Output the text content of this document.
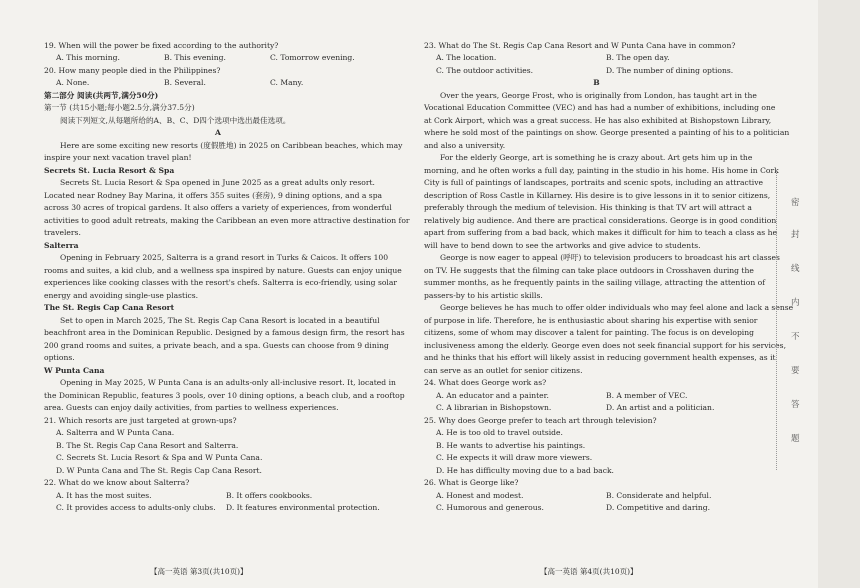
19. When will the power be fixed according to the authority?
A. This morning.	B. This evening.	C. Tomorrow evening.
20. How many people died in the Philippines?
A. None.	B. Several.	C. Many.
第二部分 阅读(共两节,满分50分)
第一节 (共15小题;每小题2.5分,满分37.5分)
阅读下列短文,从每题所给的A、B、C、D四个选项中选出最佳选项。
A
Here are some exciting new resorts (度假胜地) in 2025 on Caribbean beaches, which may
inspire your next vacation travel plan!
Secrets St. Lucia Resort & Spa
Secrets St. Lucia Resort & Spa opened in June 2025 as a great adults only resort.
Located near Rodney Bay Marina, it offers 355 suites (套房), 9 dining options, and a spa
across 30 acres of tropical gardens. It also offers a variety of experiences, from wonderful
activities to good adult retreats, making the Caribbean an even more attractive destination for
travelers.
Salterra
Opening in February 2025, Salterra is a grand resort in Turks & Caicos. It offers 100
rooms and suites, a kid club, and a wellness spa inspired by nature. Guests can enjoy unique
experiences like cooking classes with the resort's chefs. Salterra is eco-friendly, using solar
energy and avoiding single-use plastics.
The St. Regis Cap Cana Resort
Set to open in March 2025, The St. Regis Cap Cana Resort is located in a beautiful
beachfront area in the Dominican Republic. Designed by a famous design firm, the resort has
200 grand rooms and suites, a private beach, and a spa. Guests can choose from 9 dining
options.
W Punta Cana
Opening in May 2025, W Punta Cana is an adults-only all-inclusive resort. It, located in
the Dominican Republic, features 3 pools, over 10 dining options, a beach club, and a rooftop
area. Guests can enjoy daily activities, from parties to wellness experiences.
21. Which resorts are just targeted at grown-ups?
A. Salterra and W Punta Cana.
B. The St. Regis Cap Cana Resort and Salterra.
C. Secrets St. Lucia Resort & Spa and W Punta Cana.
D. W Punta Cana and The St. Regis Cap Cana Resort.
22. What do we know about Salterra?
A. It has the most suites.	B. It offers cookbooks.
C. It provides access to adults-only clubs. D. It features environmental protection.
【高一英语 第3页(共10页)】
23. What do The St. Regis Cap Cana Resort and W Punta Cana have in common?
A. The location.	B. The open day.
C. The outdoor activities.	D. The number of dining options.
B
Over the years, George Frost, who is originally from London, has taught art in the
Vocational Education Committee (VEC) and has had a number of exhibitions, including one
at Cork Airport, which was a great success. He has also exhibited at Bishopstown Library,
where he sold most of the paintings on show. George presented a painting of his to a politician
and also a university.
For the elderly George, art is something he is crazy about. Art gets him up in the
morning, and he often works a full day, painting in the studio in his home. His home in Cork
City is full of paintings of landscapes, portraits and scenic spots, including an attractive
description of Ross Castle in Killarney. His desire is to give lessons in it to senior citizens,
preferably through the medium of television. His thinking is that TV art will attract a
relatively big audience. And there are practical considerations. George is in good condition
apart from suffering from a bad back, which makes it difficult for him to teach a class as he
will have to bend down to see the artworks and give advice to students.
George is now eager to appeal (呼吁) to television producers to broadcast his art classes
on TV. He suggests that the filming can take place outdoors in Crosshaven during the
summer months, as he frequently paints in the sailing village, attracting the attention of
passers-by to his artistic skills.
George believes he has much to offer older individuals who may feel alone and lack a sense
of purpose in life. Therefore, he is enthusiastic about sharing his expertise with senior
citizens, some of whom may discover a talent for painting. The focus is on developing
inclusiveness among the elderly. George even does not seek financial support for his services,
and he thinks that his effort will likely assist in reducing government health expenses, as it
can serve as an outlet for senior citizens.
24. What does George work as?
A. An educator and a painter.	B. A member of VEC.
C. A librarian in Bishopstown.	D. An artist and a politician.
25. Why does George prefer to teach art through television?
A. He is too old to travel outside.
B. He wants to advertise his paintings.
C. He expects it will draw more viewers.
D. He has difficulty moving due to a bad back.
26. What is George like?
A. Honest and modest.	B. Considerate and helpful.
C. Humorous and generous.	D. Competitive and daring.
【高一英语 第4页(共10页)】
密
封
线
内
不
要
答
题
